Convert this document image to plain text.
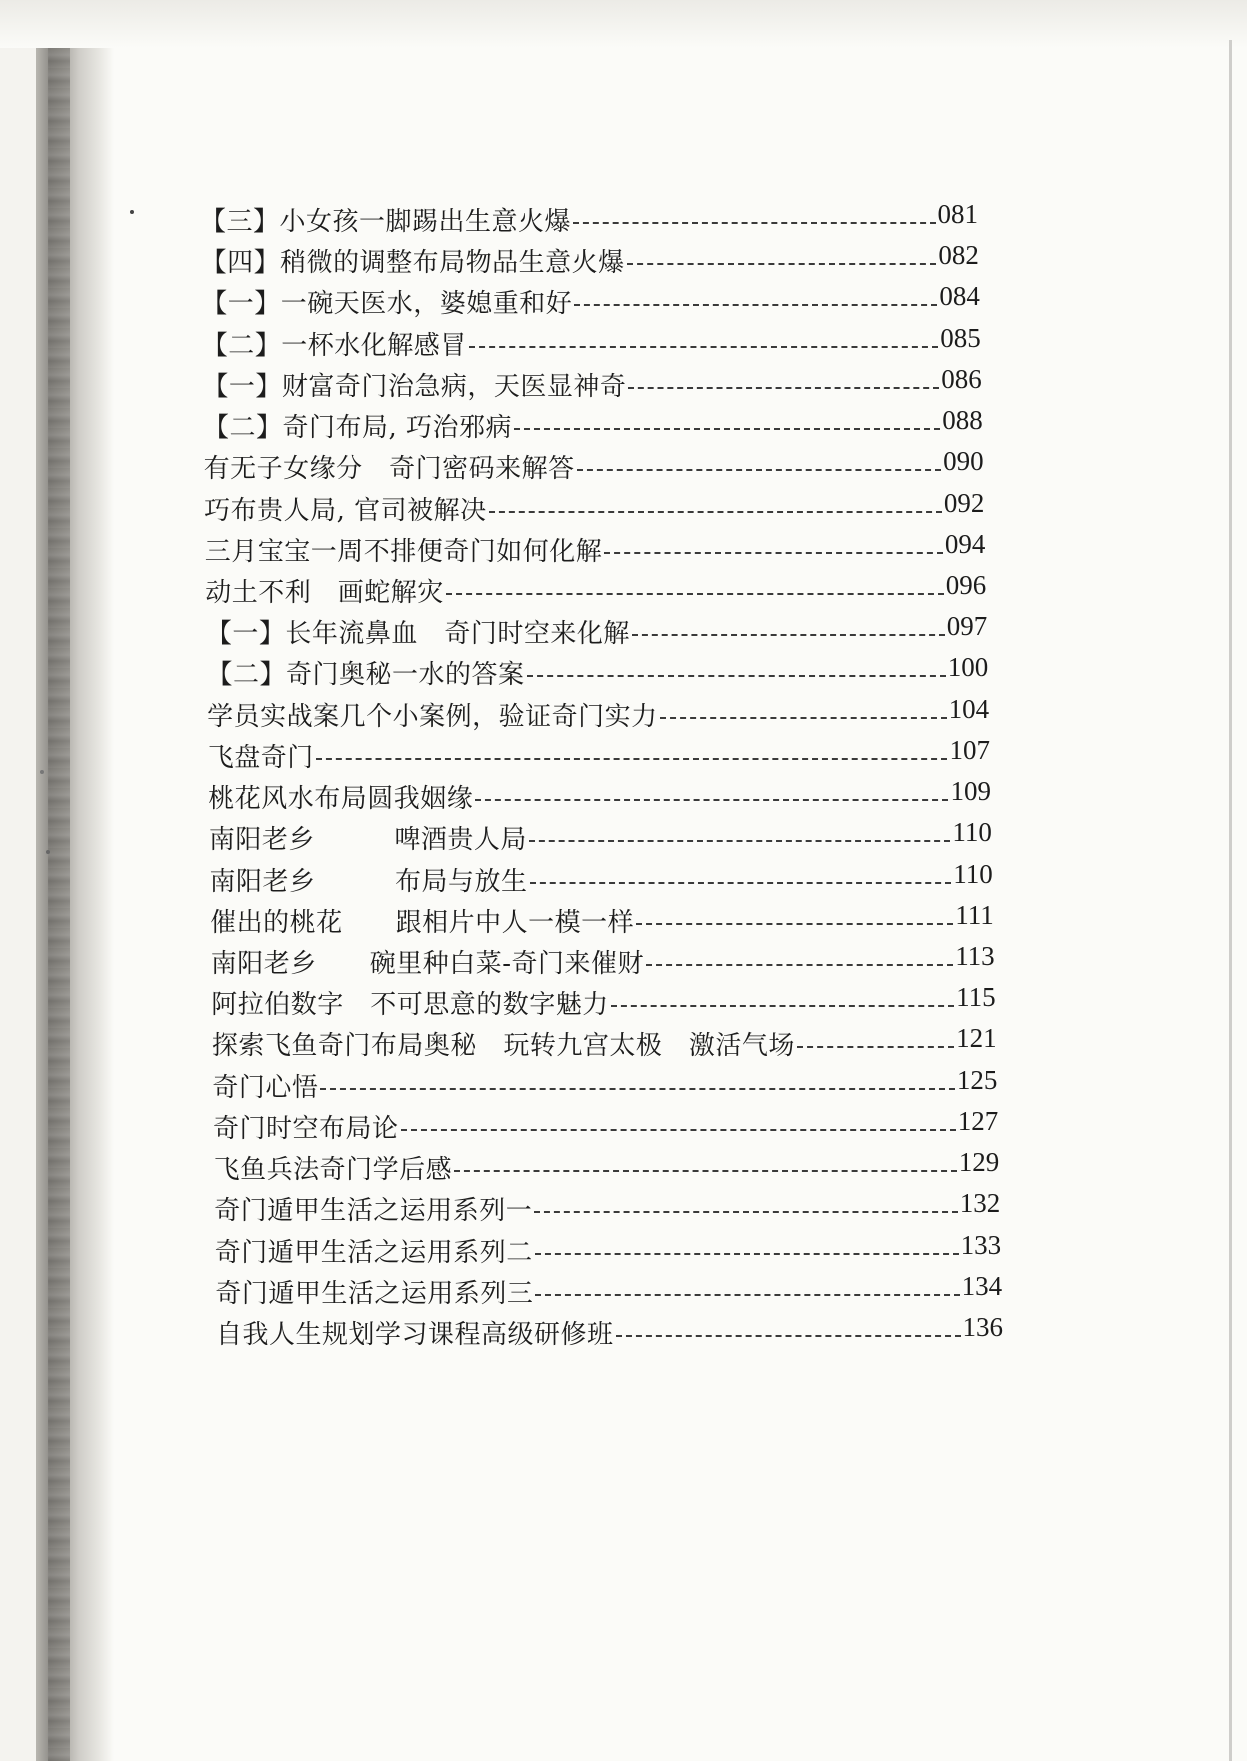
【三】小女孩一脚踢出生意火爆	081
【四】稍微的调整布局物品生意火爆	082
【一】一碗天医水，婆媳重和好	084
【二】一杯水化解感冒	085
【一】财富奇门治急病，天医显神奇	086
【二】奇门布局, 巧治邪病	088
有无子女缘分　奇门密码来解答	090
巧布贵人局, 官司被解决	092
三月宝宝一周不排便奇门如何化解	094
动土不利　画蛇解灾	096
【一】长年流鼻血　奇门时空来化解	097
【二】奇门奥秘一水的答案	100
学员实战案几个小案例，验证奇门实力	104
飞盘奇门	107
桃花风水布局圆我姻缘	109
南阳老乡　　　啤酒贵人局	110
南阳老乡　　　布局与放生	110
催出的桃花　　跟相片中人一模一样	111
南阳老乡　　碗里种白菜-奇门来催财	113
阿拉伯数字　不可思意的数字魅力	115
探索飞鱼奇门布局奥秘　玩转九宫太极　激活气场	121
奇门心悟	125
奇门时空布局论	127
飞鱼兵法奇门学后感	129
奇门遁甲生活之运用系列一	132
奇门遁甲生活之运用系列二	133
奇门遁甲生活之运用系列三	134
自我人生规划学习课程高级研修班	136
